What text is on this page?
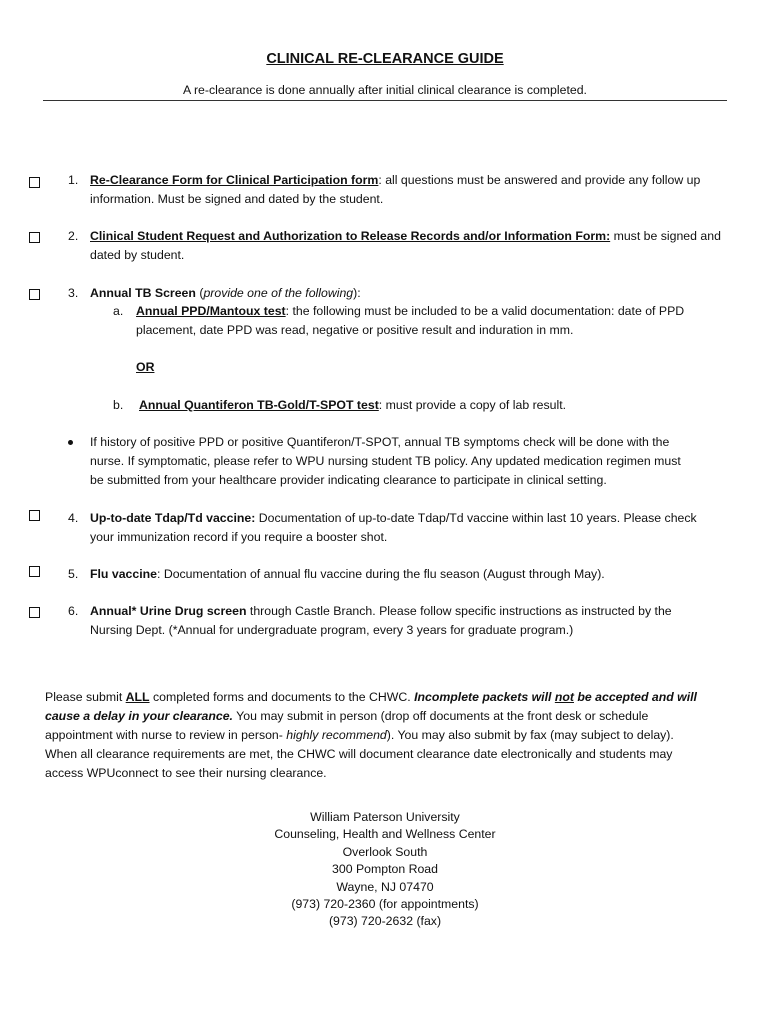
CLINICAL RE-CLEARANCE GUIDE
A re-clearance is done annually after initial clinical clearance is completed.
1. Re-Clearance Form for Clinical Participation form: all questions must be answered and provide any follow up
information. Must be signed and dated by the student.
2. Clinical Student Request and Authorization to Release Records and/or Information Form: must be signed and
dated by student.
3. Annual TB Screen (provide one of the following):
a. Annual PPD/Mantoux test: the following must be included to be a valid documentation: date of PPD
placement, date PPD was read, negative or positive result and induration in mm.
OR
b. Annual Quantiferon TB-Gold/T-SPOT test: must provide a copy of lab result.
If history of positive PPD or positive Quantiferon/T-SPOT, annual TB symptoms check will be done with the
nurse. If symptomatic, please refer to WPU nursing student TB policy. Any updated medication regimen must
be submitted from your healthcare provider indicating clearance to participate in clinical setting.
4. Up-to-date Tdap/Td vaccine: Documentation of up-to-date Tdap/Td vaccine within last 10 years. Please check
your immunization record if you require a booster shot.
5. Flu vaccine: Documentation of annual flu vaccine during the flu season (August through May).
6. Annual* Urine Drug screen through Castle Branch. Please follow specific instructions as instructed by the
Nursing Dept. (*Annual for undergraduate program, every 3 years for graduate program.)
Please submit ALL completed forms and documents to the CHWC. Incomplete packets will not be accepted and will
cause a delay in your clearance. You may submit in person (drop off documents at the front desk or schedule
appointment with nurse to review in person- highly recommend). You may also submit by fax (may subject to delay).
When all clearance requirements are met, the CHWC will document clearance date electronically and students may
access WPUconnect to see their nursing clearance.
William Paterson University
Counseling, Health and Wellness Center
Overlook South
300 Pompton Road
Wayne, NJ 07470
(973) 720-2360 (for appointments)
(973) 720-2632 (fax)
